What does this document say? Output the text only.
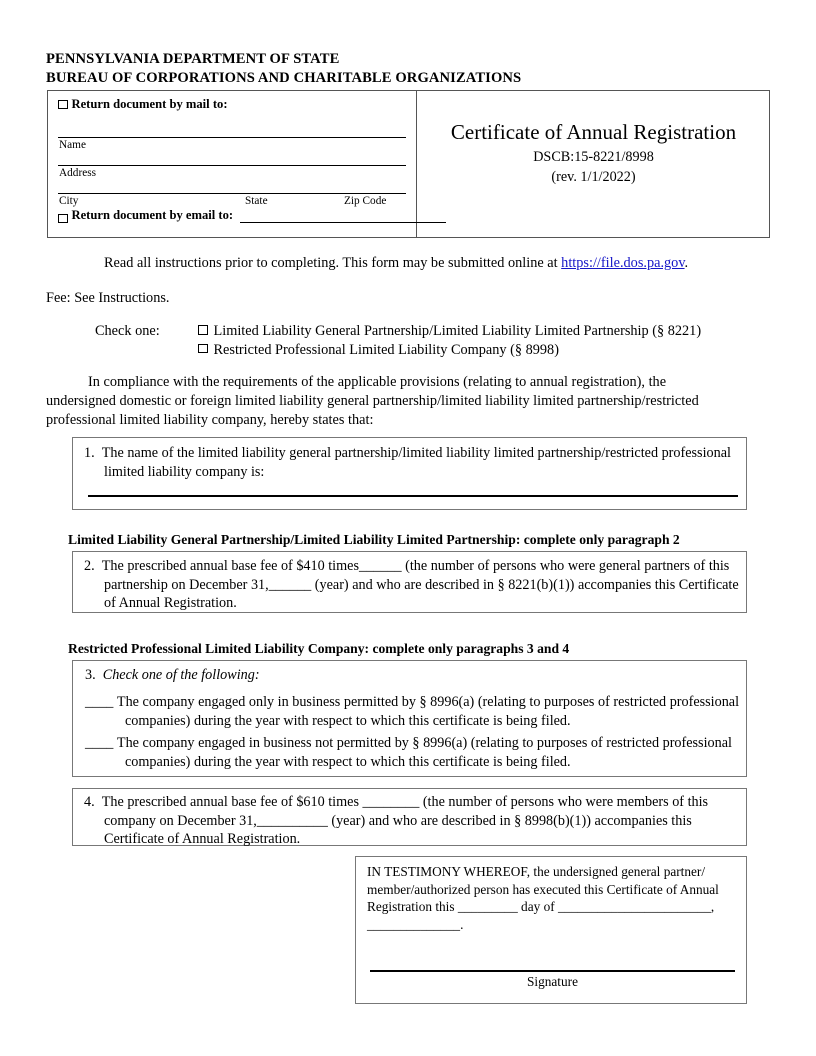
PENNSYLVANIA DEPARTMENT OF STATE
BUREAU OF CORPORATIONS AND CHARITABLE ORGANIZATIONS
Return document by mail to:
Name
Address
City	State	Zip Code
Return document by email to:
Certificate of Annual Registration
DSCB:15-8221/8998
(rev. 1/1/2022)
Read all instructions prior to completing. This form may be submitted online at https://file.dos.pa.gov.
Fee: See Instructions.
Check one:	Limited Liability General Partnership/Limited Liability Limited Partnership (§ 8221)
Restricted Professional Limited Liability Company (§ 8998)
In compliance with the requirements of the applicable provisions (relating to annual registration), the undersigned domestic or foreign limited liability general partnership/limited liability limited partnership/restricted professional limited liability company, hereby states that:
1. The name of the limited liability general partnership/limited liability limited partnership/restricted professional limited liability company is:
Limited Liability General Partnership/Limited Liability Limited Partnership: complete only paragraph 2
2. The prescribed annual base fee of $410 times______ (the number of persons who were general partners of this partnership on December 31,______ (year) and who are described in § 8221(b)(1)) accompanies this Certificate of Annual Registration.
Restricted Professional Limited Liability Company: complete only paragraphs 3 and 4
3. Check one of the following:
____ The company engaged only in business permitted by § 8996(a) (relating to purposes of restricted professional companies) during the year with respect to which this certificate is being filed.
____ The company engaged in business not permitted by § 8996(a) (relating to purposes of restricted professional companies) during the year with respect to which this certificate is being filed.
4. The prescribed annual base fee of $610 times ________ (the number of persons who were members of this company on December 31,__________ (year) and who are described in § 8998(b)(1)) accompanies this Certificate of Annual Registration.
IN TESTIMONY WHEREOF, the undersigned general partner/ member/authorized person has executed this Certificate of Annual Registration this _________ day of _______________________, ______________.
Signature
